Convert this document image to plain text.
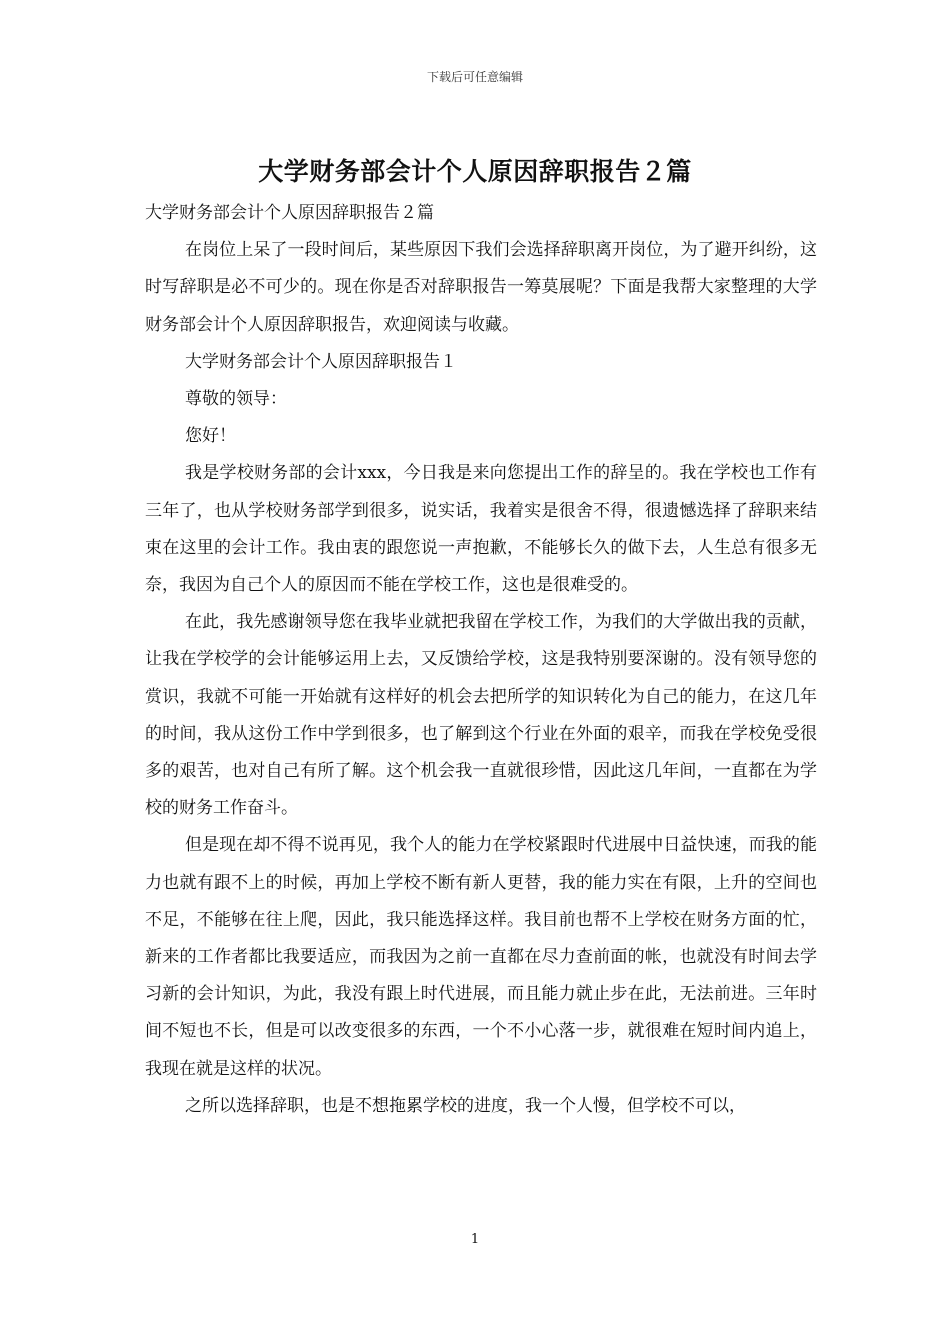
下载后可任意编辑
大学财务部会计个人原因辞职报告２篇

大学财务部会计个人原因辞职报告２篇

在岗位上呆了一段时间后，某些原因下我们会选择辞职离开岗位，为了避开纠纷，这时写辞职是必不可少的。现在你是否对辞职报告一筹莫展呢？下面是我帮大家整理的大学财务部会计个人原因辞职报告，欢迎阅读与收藏。

大学财务部会计个人原因辞职报告１

尊敬的领导：

您好！

我是学校财务部的会计xxx，今日我是来向您提出工作的辞呈的。我在学校也工作有三年了，也从学校财务部学到很多，说实话，我着实是很舍不得，很遗憾选择了辞职来结束在这里的会计工作。我由衷的跟您说一声抱歉，不能够长久的做下去，人生总有很多无奈，我因为自己个人的原因而不能在学校工作，这也是很难受的。

在此，我先感谢领导您在我毕业就把我留在学校工作，为我们的大学做出我的贡献，让我在学校学的会计能够运用上去，又反馈给学校，这是我特别要深谢的。没有领导您的赏识，我就不可能一开始就有这样好的机会去把所学的知识转化为自己的能力，在这几年的时间，我从这份工作中学到很多，也了解到这个行业在外面的艰辛，而我在学校免受很多的艰苦，也对自己有所了解。这个机会我一直就很珍惜，因此这几年间，一直都在为学校的财务工作奋斗。

但是现在却不得不说再见，我个人的能力在学校紧跟时代进展中日益快速，而我的能力也就有跟不上的时候，再加上学校不断有新人更替，我的能力实在有限，上升的空间也不足，不能够在往上爬，因此，我只能选择这样。我目前也帮不上学校在财务方面的忙，新来的工作者都比我要适应，而我因为之前一直都在尽力查前面的帐，也就没有时间去学习新的会计知识，为此，我没有跟上时代进展，而且能力就止步在此，无法前进。三年时间不短也不长，但是可以改变很多的东西，一个不小心落一步，就很难在短时间内追上，我现在就是这样的状况。

之所以选择辞职，也是不想拖累学校的进度，我一个人慢，但学校不可以，

1
